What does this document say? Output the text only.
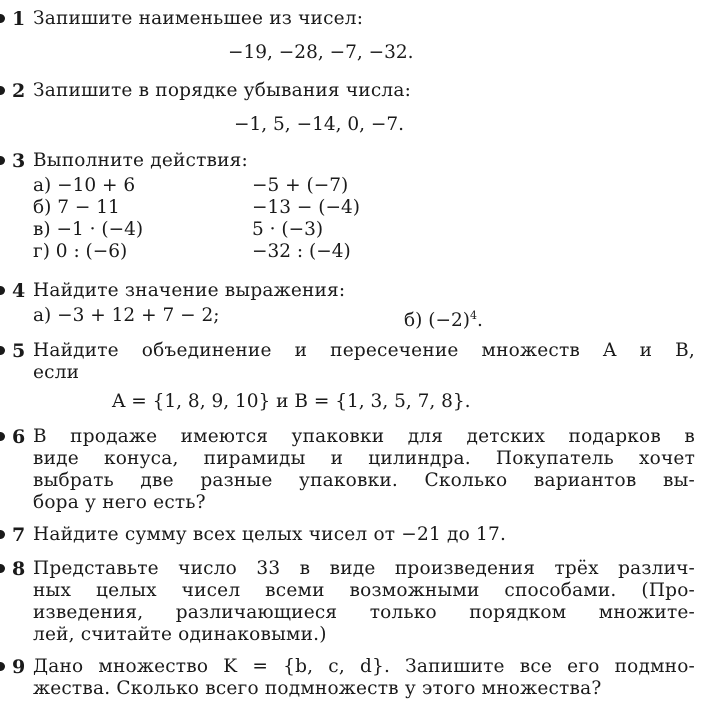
1 Запишите наименьшее из чисел:
−19, −28, −7, −32.
2 Запишите в порядке убывания числа:
−1, 5, −14, 0, −7.
3 Выполните действия:
а) −10 + 6
б) 7 − 11
в) −1 · (−4)
г) 0 : (−6)
−5 + (−7)
−13 − (−4)
5 · (−3)
−32 : (−4)
4 Найдите значение выражения:
а) −3 + 12 + 7 − 2;	б) $(-2)^4$.
5 Найдите объединение и пересечение множеств A и B,
если
A = {1, 8, 9, 10} и B = {1, 3, 5, 7, 8}.
6 В продаже имеются упаковки для детских подарков в
виде конуса, пирамиды и цилиндра. Покупатель хочет
выбрать две разные упаковки. Сколько вариантов вы-
бора у него есть?
7 Найдите сумму всех целых чисел от −21 до 17.
8 Представьте число 33 в виде произведения трёх различ-
ных целых чисел всеми возможными способами. (Про-
изведения, различающиеся только порядком множите-
лей, считайте одинаковыми.)
9 Дано множество K = {b, c, d}. Запишите все его подмно-
жества. Сколько всего подмножеств у этого множества?
